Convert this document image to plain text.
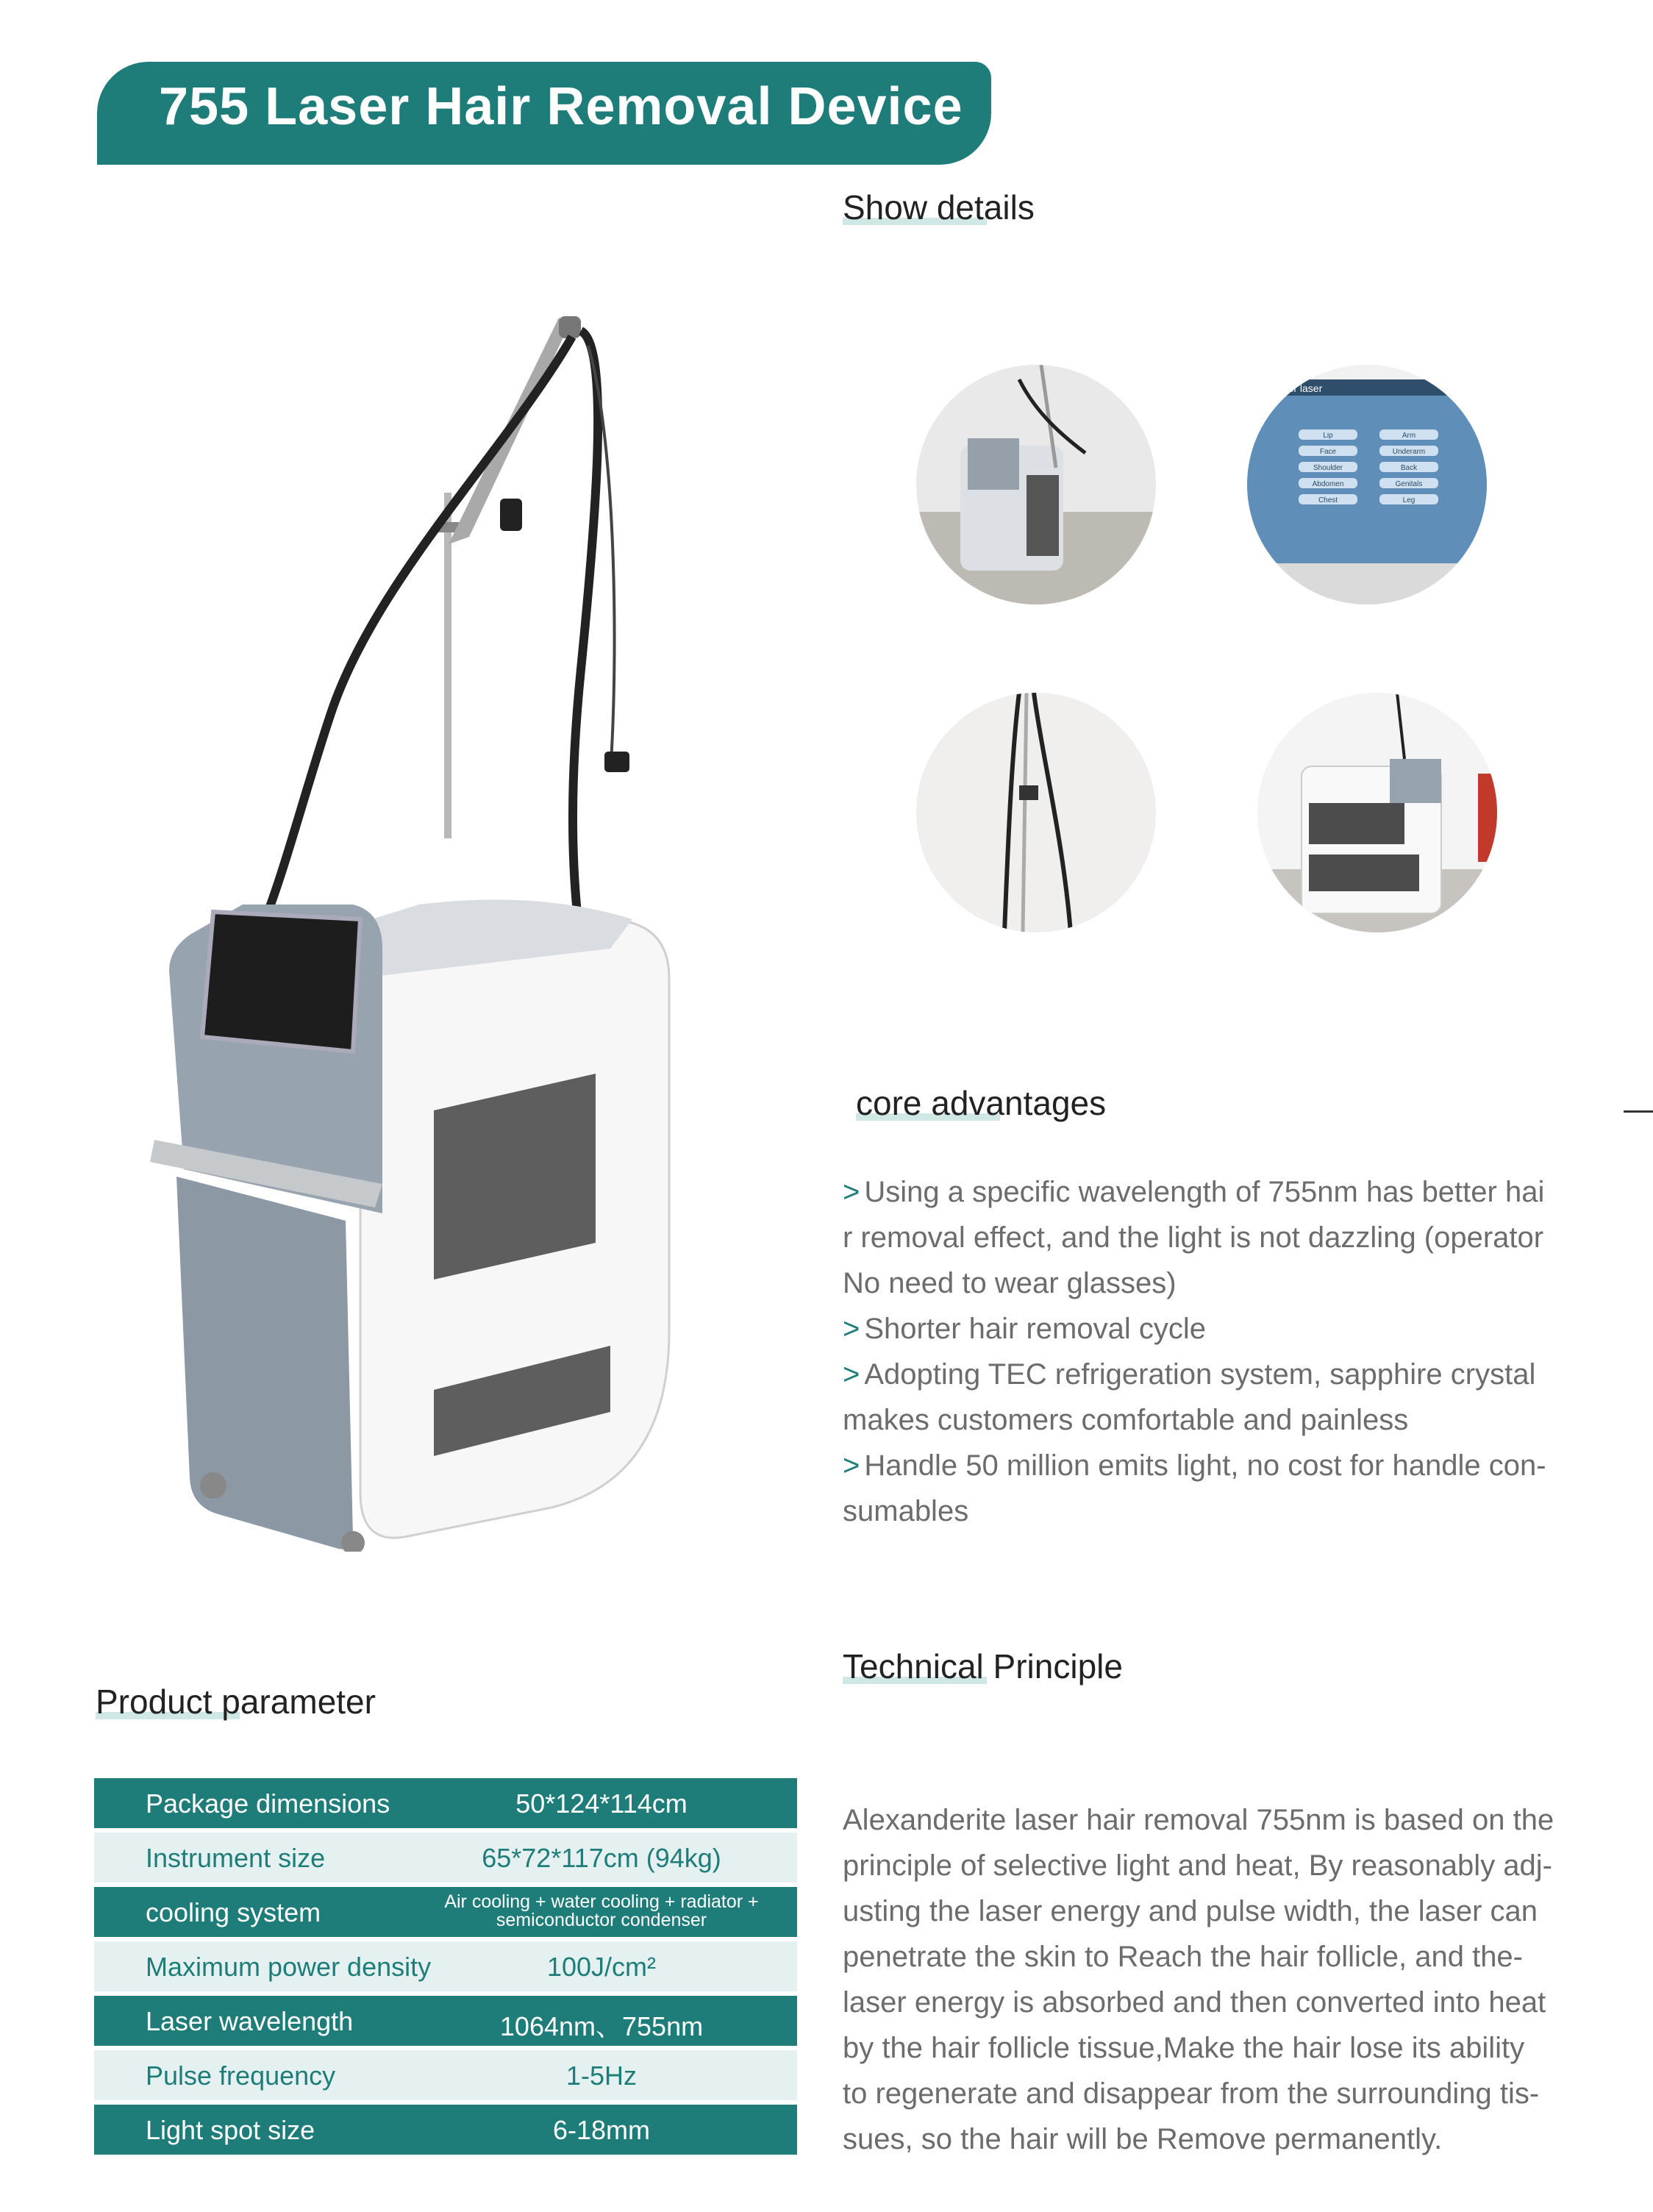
755 Laser Hair Removal Device
Show details
nder laser
Lip	Arm
Face	Underarm
Shoulder	Back
Abdomen	Genitals
Chest	Leg
core advantages
> Using a specific wavelength of 755nm has better hai
r removal effect, and the light is not dazzling (operator
No need to wear glasses)
> Shorter hair removal cycle
> Adopting TEC refrigeration system, sapphire crystal
makes customers comfortable and painless
> Handle 50 million emits light, no cost for handle con-
sumables
Technical Principle
Alexanderite laser hair removal 755nm is based on the
principle of selective light and heat, By reasonably adj-
usting the laser energy and pulse width, the laser can
penetrate the skin to Reach the hair follicle, and the-
laser energy is absorbed and then converted into heat
by the hair follicle tissue,Make the hair lose its ability
to regenerate and disappear from the surrounding tis-
sues, so the hair will be Remove permanently.
Product parameter
Package dimensions	50*124*114cm
Instrument size	65*72*117cm (94kg)
cooling system	Air cooling + water cooling + radiator + semiconductor condenser
Maximum power density	100J/cm²
Laser wavelength	1064nm、755nm
Pulse frequency	1-5Hz
Light spot size	6-18mm
